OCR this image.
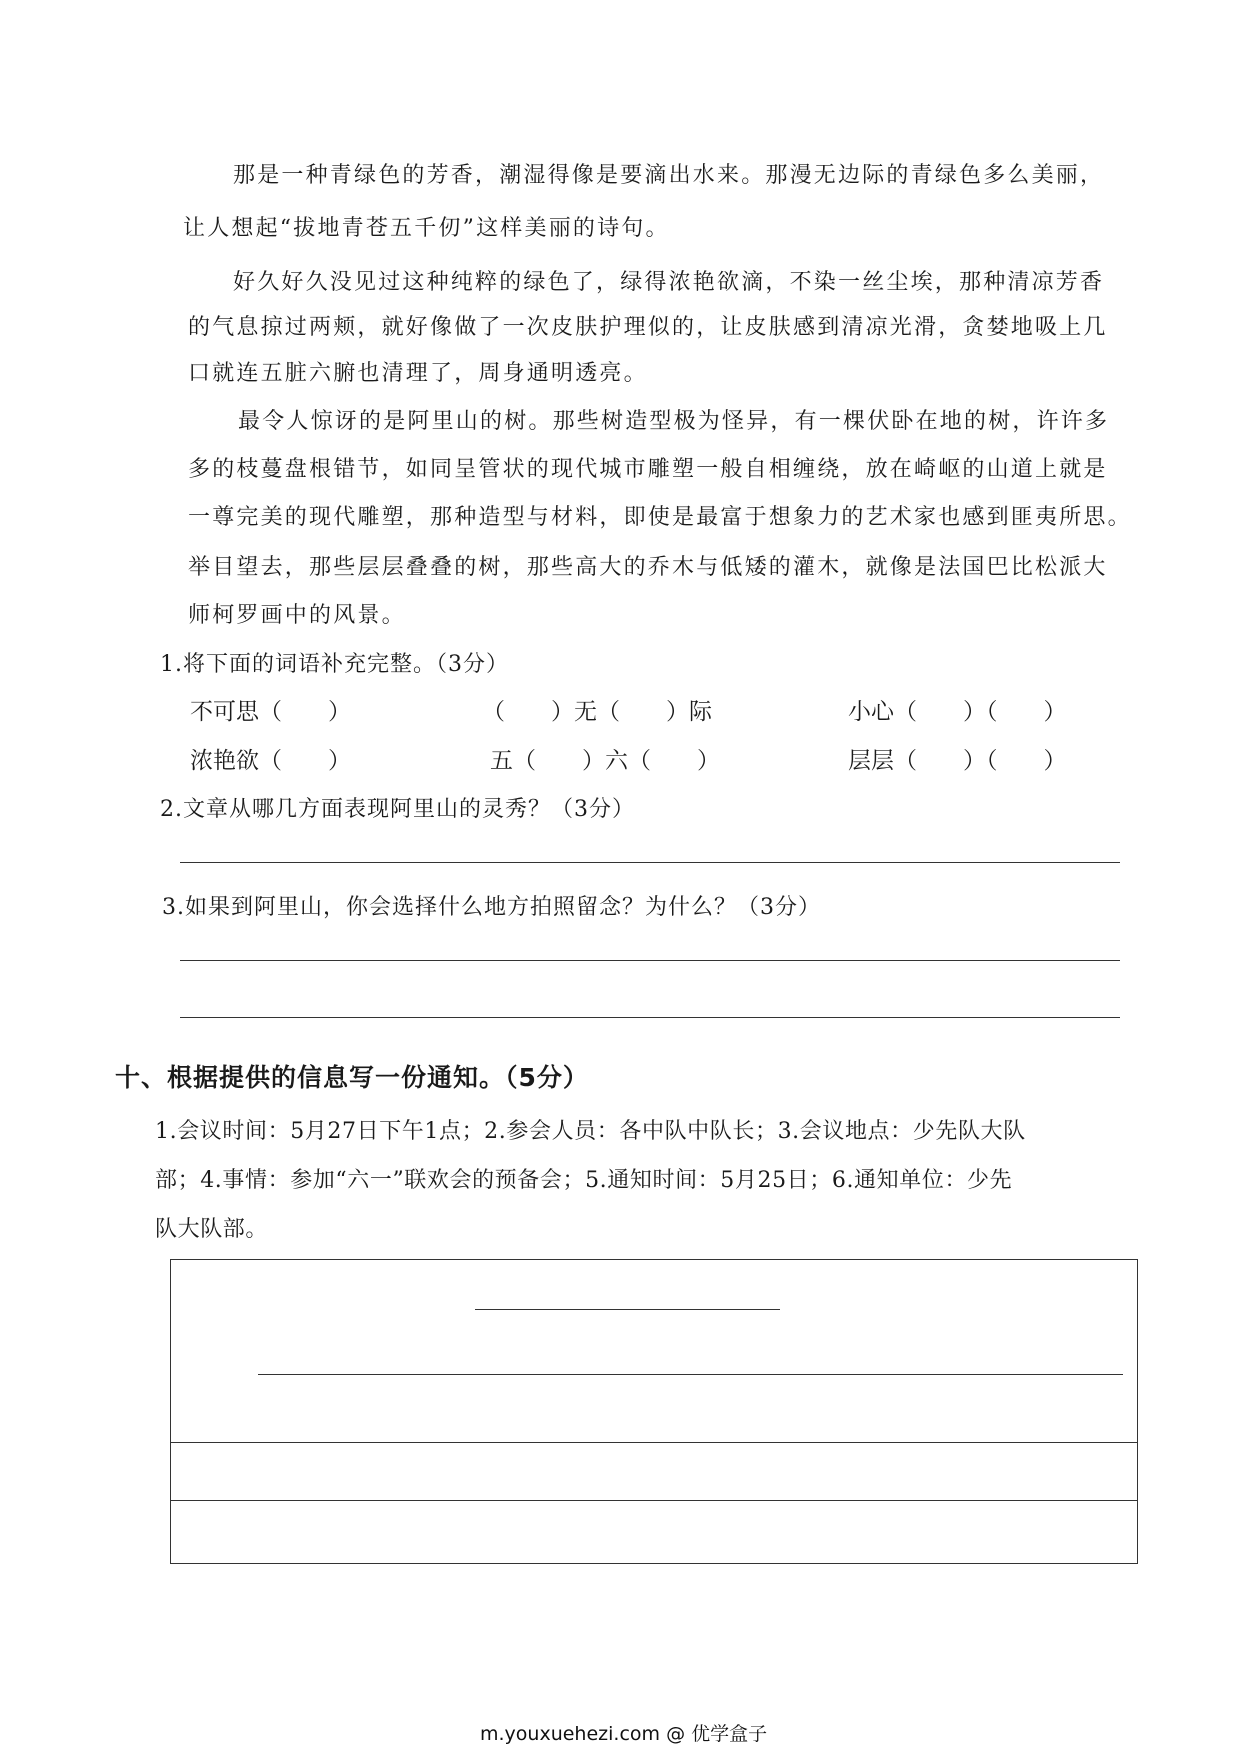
那是一种青绿色的芳香，潮湿得像是要滴出水来。那漫无边际的青绿色多么美丽，
让人想起“拔地青苍五千仞”这样美丽的诗句。
好久好久没见过这种纯粹的绿色了，绿得浓艳欲滴，不染一丝尘埃，那种清凉芳香
的气息掠过两颊，就好像做了一次皮肤护理似的，让皮肤感到清凉光滑，贪婪地吸上几
口就连五脏六腑也清理了，周身通明透亮。
最令人惊讶的是阿里山的树。那些树造型极为怪异，有一棵伏卧在地的树，许许多
多的枝蔓盘根错节，如同呈管状的现代城市雕塑一般自相缠绕，放在崎岖的山道上就是
一尊完美的现代雕塑，那种造型与材料，即使是最富于想象力的艺术家也感到匪夷所思。
举目望去，那些层层叠叠的树，那些高大的乔木与低矮的灌木，就像是法国巴比松派大
师柯罗画中的风景。
1.将下面的词语补充完整。（3分）
不可思（　　）	（　　）无（　　）际	小心（　　）（　　）
浓艳欲（　　）	五（　　）六（　　）	层层（　　）（　　）
2.文章从哪几方面表现阿里山的灵秀？（3分）
3.如果到阿里山，你会选择什么地方拍照留念？为什么？（3分）
十、根据提供的信息写一份通知。（5分）
1.会议时间：5月27日下午1点；2.参会人员：各中队中队长；3.会议地点：少先队大队
部；4.事情：参加“六一”联欢会的预备会；5.通知时间：5月25日；6.通知单位：少先
队大队部。
m.youxuehezi.com @ 优学盒子
